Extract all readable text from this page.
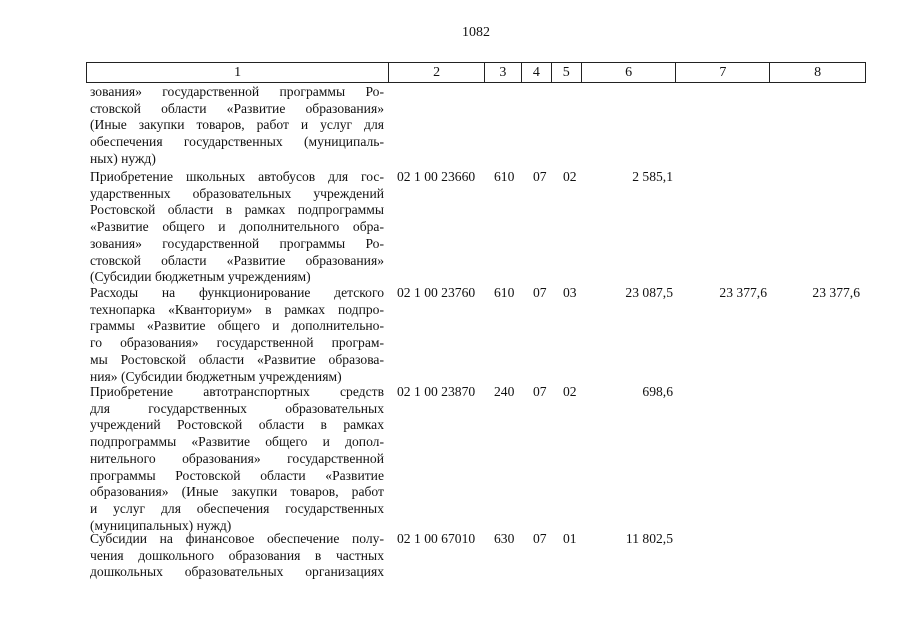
1082
1	2	3	4	5	6	7	8
зования» государственной программы Ро-
стовской области «Развитие образования»
(Иные закупки товаров, работ и услуг для
обеспечения государственных (муниципаль-
ных) нужд)
Приобретение школьных автобусов для гос-
ударственных образовательных учреждений
Ростовской области в рамках подпрограммы
«Развитие общего и дополнительного обра-
зования» государственной программы Ро-
стовской области «Развитие образования»
(Субсидии бюджетным учреждениям)
02 1 00 23660 610 07 02	2 585,1
Расходы на функционирование детского
технопарка «Кванториум» в рамках подпро-
граммы «Развитие общего и дополнительно-
го образования» государственной програм-
мы Ростовской области «Развитие образова-
ния» (Субсидии бюджетным учреждениям)
02 1 00 23760 610 07 03	23 087,5	23 377,6	23 377,6
Приобретение автотранспортных средств
для государственных образовательных
учреждений Ростовской области в рамках
подпрограммы «Развитие общего и допол-
нительного образования» государственной
программы Ростовской области «Развитие
образования» (Иные закупки товаров, работ
и услуг для обеспечения государственных
(муниципальных) нужд)
02 1 00 23870 240 07 02	698,6
Субсидии на финансовое обеспечение полу-
чения дошкольного образования в частных
дошкольных образовательных организациях
02 1 00 67010 630 07 01	11 802,5
